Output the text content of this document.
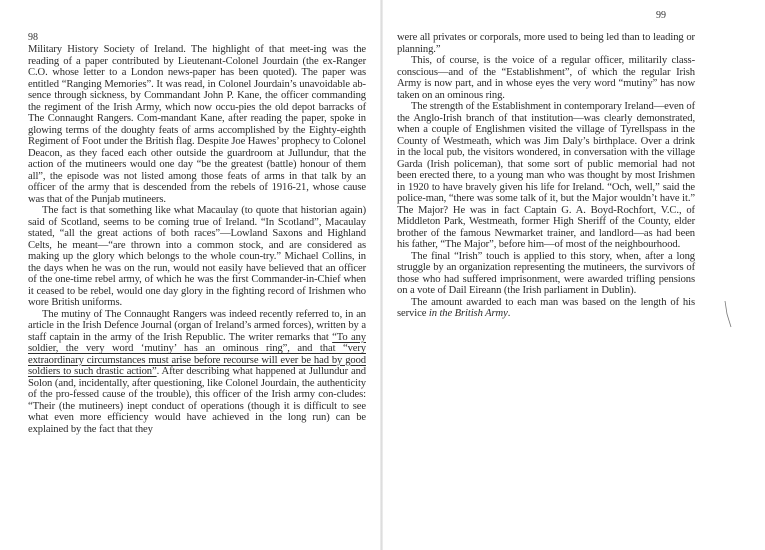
98

Military History Society of Ireland. The highlight of that meet-ing was the reading of a paper contributed by Lieutenant-Colonel Jourdain (the ex-Ranger C.O. whose letter to a London news-paper has been quoted). The paper was entitled “Ranging Memories”. It was read, in Colonel Jourdain’s unavoidable ab-sence through sickness, by Commandant John P. Kane, the officer commanding the regiment of the Irish Army, which now occu-pies the old depot barracks of The Connaught Rangers. Com-mandant Kane, after reading the paper, spoke in glowing terms of the doughty feats of arms accomplished by the Eighty-eighth Regiment of Foot under the British flag. Despite Joe Hawes’ prophecy to Colonel Deacon, as they faced each other outside the guardroom at Jullundur, that the action of the mutineers would one day “be the greatest (battle) honour of them all”, the episode was not listed among those feats of arms in that talk by an officer of the army that is descended from the rebels of 1916-21, whose cause was that of the Punjab mutineers.

The fact is that something like what Macaulay (to quote that historian again) said of Scotland, seems to be coming true of Ireland. “In Scotland”, Macaulay stated, “all the great actions of both races”—Lowland Saxons and Highland Celts, he meant—“are thrown into a common stock, and are considered as making up the glory which belongs to the whole coun-try.” Michael Collins, in the days when he was on the run, would not easily have believed that an officer of the one-time rebel army, of which he was the first Commander-in-Chief when it ceased to be rebel, would one day glory in the fighting record of Irishmen who wore British uniforms.

The mutiny of The Connaught Rangers was indeed recently referred to, in an article in the Irish Defence Journal (organ of Ireland’s armed forces), written by a staff captain in the army of the Irish Republic. The writer remarks that “To any soldier, the very word ‘mutiny’ has an ominous ring”, and that “very extraordinary circumstances must arise before recourse will ever be had by good soldiers to such drastic action”. After describing what happened at Jullundur and Solon (and, incidentally, after questioning, like Colonel Jourdain, the authenticity of the pro-fessed cause of the trouble), this officer of the Irish army con-cludes: “Their (the mutineers) inept conduct of operations (though it is difficult to see what even more efficiency would have achieved in the long run) can be explained by the fact that they

99

were all privates or corporals, more used to being led than to leading or planning.”

This, of course, is the voice of a regular officer, militarily class-conscious—and of the “Establishment”, of which the regular Irish Army is now part, and in whose eyes the very word “mutiny” has now taken on an ominous ring.

The strength of the Establishment in contemporary Ireland—even of the Anglo-Irish branch of that institution—was clearly demonstrated, when a couple of Englishmen visited the village of Tyrellspass in the County of Westmeath, which was Jim Daly’s birthplace. Over a drink in the local pub, the visitors wondered, in conversation with the village Garda (Irish policeman), that some sort of public memorial had not been erected there, to a young man who was thought by most Irishmen in 1920 to have bravely given his life for Ireland. “Och, well,” said the police-man, “there was some talk of it, but the Major wouldn’t have it.” The Major? He was in fact Captain G. A. Boyd-Rochfort, V.C., of Middleton Park, Westmeath, former High Sheriff of the County, elder brother of the famous Newmarket trainer, and landlord—as had been his father, “The Major”, before him—of most of the neighbourhood.

The final “Irish” touch is applied to this story, when, after a long struggle by an organization representing the mutineers, the survivors of those who had suffered imprisonment, were awarded trifling pensions on a vote of Dail Eireann (the Irish parliament in Dublin).

The amount awarded to each man was based on the length of his service in the British Army.
